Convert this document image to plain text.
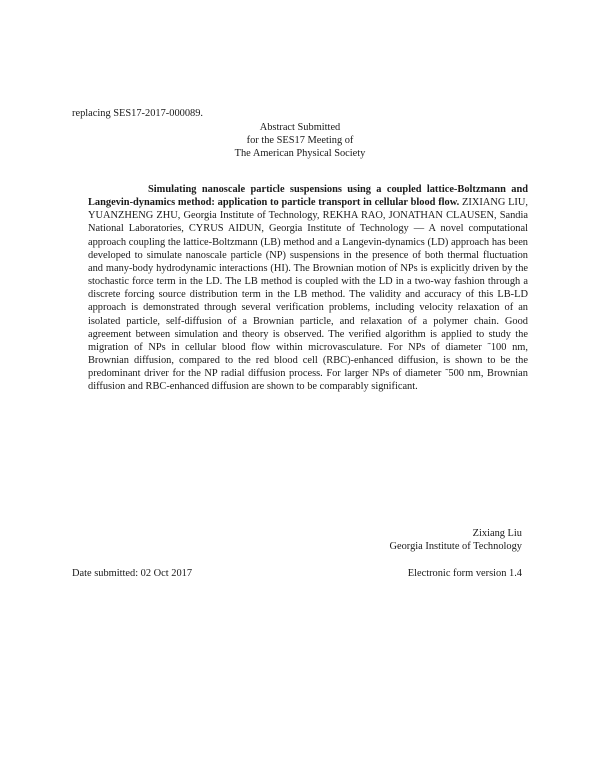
replacing SES17-2017-000089.
Abstract Submitted
for the SES17 Meeting of
The American Physical Society
Simulating nanoscale particle suspensions using a coupled lattice-Boltzmann and Langevin-dynamics method: application to particle transport in cellular blood flow. ZIXIANG LIU, YUANZHENG ZHU, Georgia Institute of Technology, REKHA RAO, JONATHAN CLAUSEN, Sandia National Laboratories, CYRUS AIDUN, Georgia Institute of Technology — A novel computational approach coupling the lattice-Boltzmann (LB) method and a Langevin-dynamics (LD) approach has been developed to simulate nanoscale particle (NP) suspensions in the presence of both thermal fluctuation and many-body hydrodynamic interactions (HI). The Brownian motion of NPs is explicitly driven by the stochastic force term in the LD. The LB method is coupled with the LD in a two-way fashion through a discrete forcing source distribution term in the LB method. The validity and accuracy of this LB-LD approach is demonstrated through several verification problems, including velocity relaxation of an isolated particle, self-diffusion of a Brownian particle, and relaxation of a polymer chain. Good agreement between simulation and theory is observed. The verified algorithm is applied to study the migration of NPs in cellular blood flow within microvasculature. For NPs of diameter ˜100 nm, Brownian diffusion, compared to the red blood cell (RBC)-enhanced diffusion, is shown to be the predominant driver for the NP radial diffusion process. For larger NPs of diameter ˜500 nm, Brownian diffusion and RBC-enhanced diffusion are shown to be comparably significant.
Zixiang Liu
Georgia Institute of Technology
Date submitted: 02 Oct 2017	Electronic form version 1.4
